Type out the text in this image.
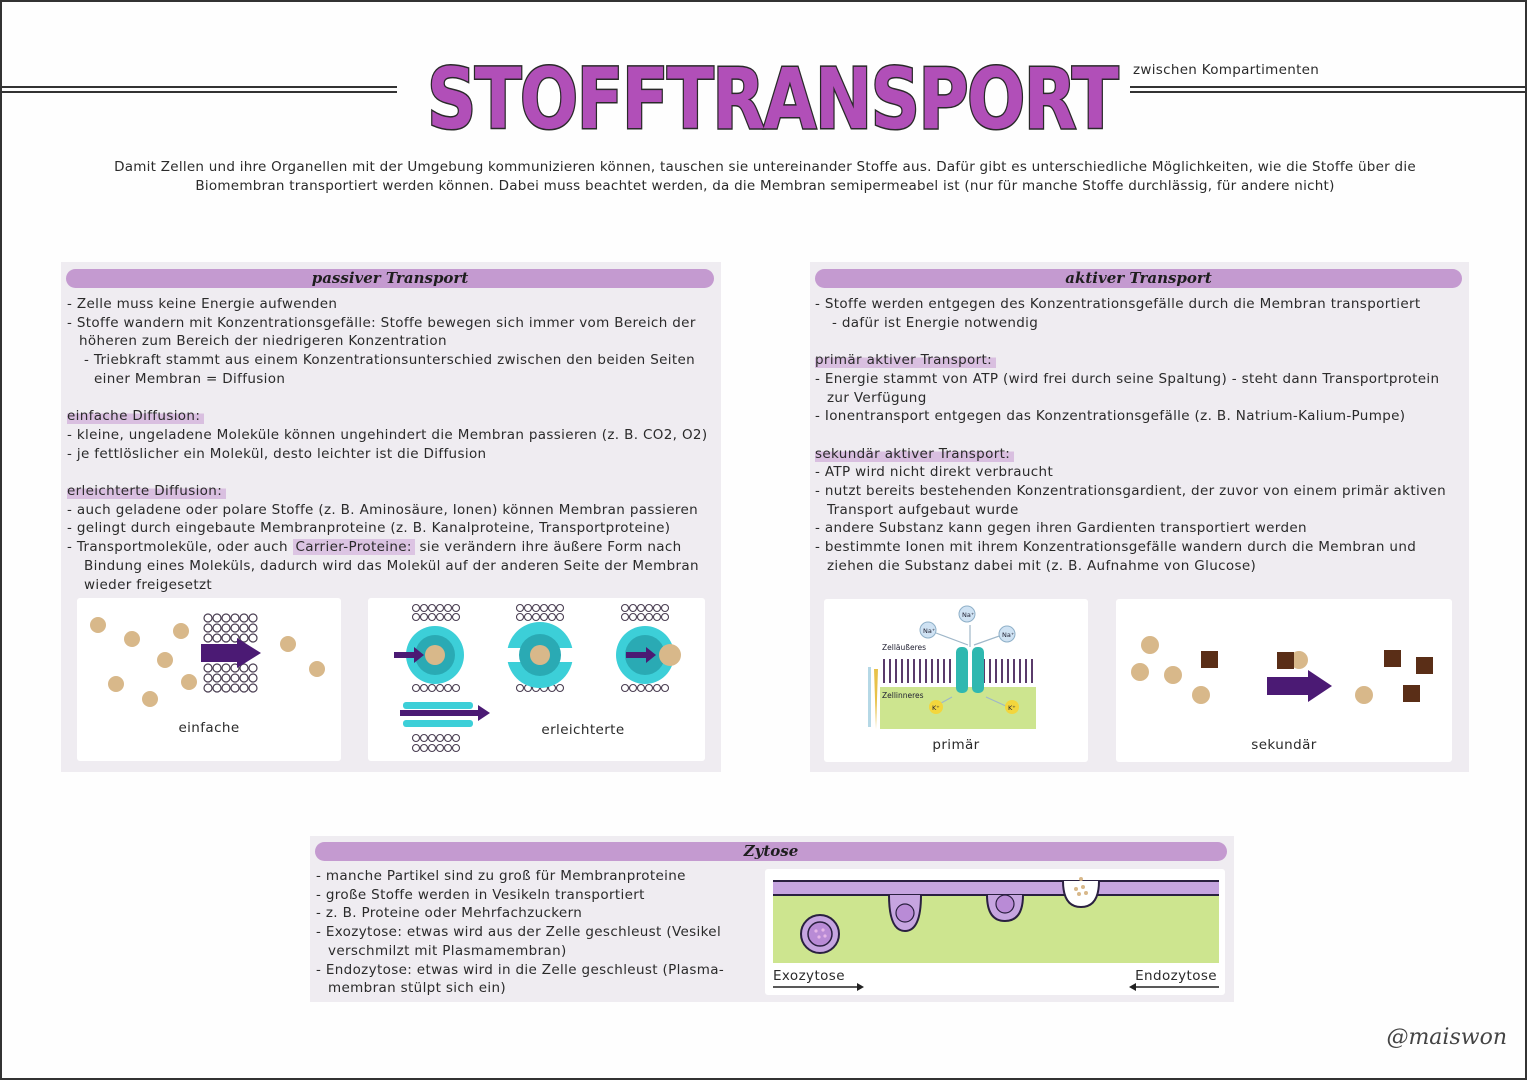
STOFFTRANSPORT zwischen Kompartimenten
Damit Zellen und ihre Organellen mit der Umgebung kommunizieren können, tauschen sie untereinander Stoffe aus. Dafür gibt es unterschiedliche Möglichkeiten, wie die Stoffe über die
Biomembran transportiert werden können. Dabei muss beachtet werden, da die Membran semipermeabel ist (nur für manche Stoffe durchlässig, für andere nicht)
passiver Transport
- Zelle muss keine Energie aufwenden
- Stoffe wandern mit Konzentrationsgefälle: Stoffe bewegen sich immer vom Bereich der
höheren zum Bereich der niedrigeren Konzentration
- Triebkraft stammt aus einem Konzentrationsunterschied zwischen den beiden Seiten
einer Membran = Diffusion

einfache Diffusion:
- kleine, ungeladene Moleküle können ungehindert die Membran passieren (z. B. CO2, O2)
- je fettlöslicher ein Molekül, desto leichter ist die Diffusion

erleichterte Diffusion:
- auch geladene oder polare Stoffe (z. B. Aminosäure, Ionen) können Membran passieren
- gelingt durch eingebaute Membranproteine (z. B. Kanalproteine, Transportproteine)
- Transportmoleküle, oder auch Carrier-Proteine: sie verändern ihre äußere Form nach
Bindung eines Moleküls, dadurch wird das Molekül auf der anderen Seite der Membran
wieder freigesetzt
einfache	erleichterte
aktiver Transport
- Stoffe werden entgegen des Konzentrationsgefälle durch die Membran transportiert
- dafür ist Energie notwendig

primär aktiver Transport:
- Energie stammt von ATP (wird frei durch seine Spaltung) - steht dann Transportprotein
zur Verfügung
- Ionentransport entgegen das Konzentrationsgefälle (z. B. Natrium-Kalium-Pumpe)

sekundär aktiver Transport:
- ATP wird nicht direkt verbraucht
- nutzt bereits bestehenden Konzentrationsgardient, der zuvor von einem primär aktiven
Transport aufgebaut wurde
- andere Substanz kann gegen ihren Gardienten transportiert werden
- bestimmte Ionen mit ihrem Konzentrationsgefälle wandern durch die Membran und
ziehen die Substanz dabei mit (z. B. Aufnahme von Glucose)
Na⁺
Na⁺	Na⁺
K⁺	K⁺
Zelläußeres
Zellinneres
primär	sekundär
Zytose
- manche Partikel sind zu groß für Membranproteine
- große Stoffe werden in Vesikeln transportiert
- z. B. Proteine oder Mehrfachzuckern
- Exozytose: etwas wird aus der Zelle geschleust (Vesikel
verschmilzt mit Plasmamembran)
- Endozytose: etwas wird in die Zelle geschleust (Plasma-
membran stülpt sich ein)
Exozytose	Endozytose
@maiswon
